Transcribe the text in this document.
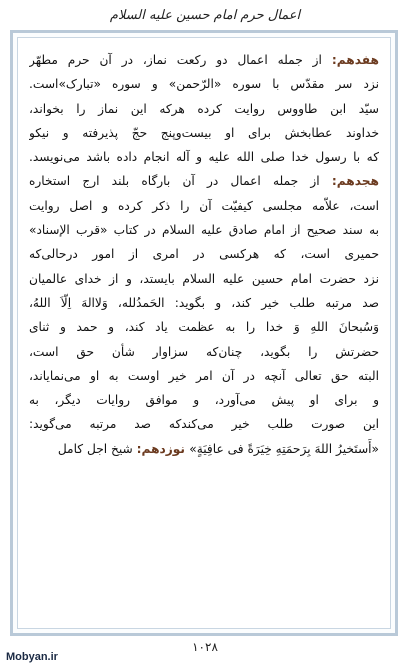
اعمال حرم امام حسین علیه السلام
هفدهم: از جمله اعمال دو رکعت نماز، در آن حرم مطهّر
نزد سر مقدّس با سوره «الرّحمن» و سوره «تبارک»است.
سیّد ابن طاووس روایت کرده هرکه این نماز را بخواند،
خداوند عطابخش برای او بیست‌وپنج حجّ پذیرفته و نیکو
که با رسول خدا صلی الله علیه و آله انجام داده باشد می‌نویسد.
هجدهم: از جمله اعمال در آن بارگاه بلند ارج استخاره
است، علاّمه مجلسی کیفیّت آن را ذکر کرده و اصل روایت
به سند صحیح از امام صادق علیه السلام در کتاب «قرب الإسناد»
حمیری است، که هرکسی در امری از امور درحالی‌که
نزد حضرت امام حسین علیه السلام بایستد، و از خدای عالمیان
صد مرتبه طلب خیر کند، و بگوید: الحَمدُلله، وَلاالهَ اِلّاَ اللهُ،
وَسُبحانَ اللهِ وَ خدا را به عظمت یاد کند، و حمد و ثنای
حضرتش را بگوید، چنان‌که سزاوار شأن حق است،
البته حق تعالی آنچه در آن امر خیر اوست به او می‌نمایاند،
و برای او پیش می‌آورد، و موافق روایات دیگر، به
این صورت طلب خیر می‌کندکه صد مرتبه می‌گوید:
«أَستَخیرُ اللهَ بِرَحمَتِهِ خِیَرَةً فی عافِیَةٍ» نوزدهم: شیخ اجل کامل
۱۰۲۸
Mobyan.ir
